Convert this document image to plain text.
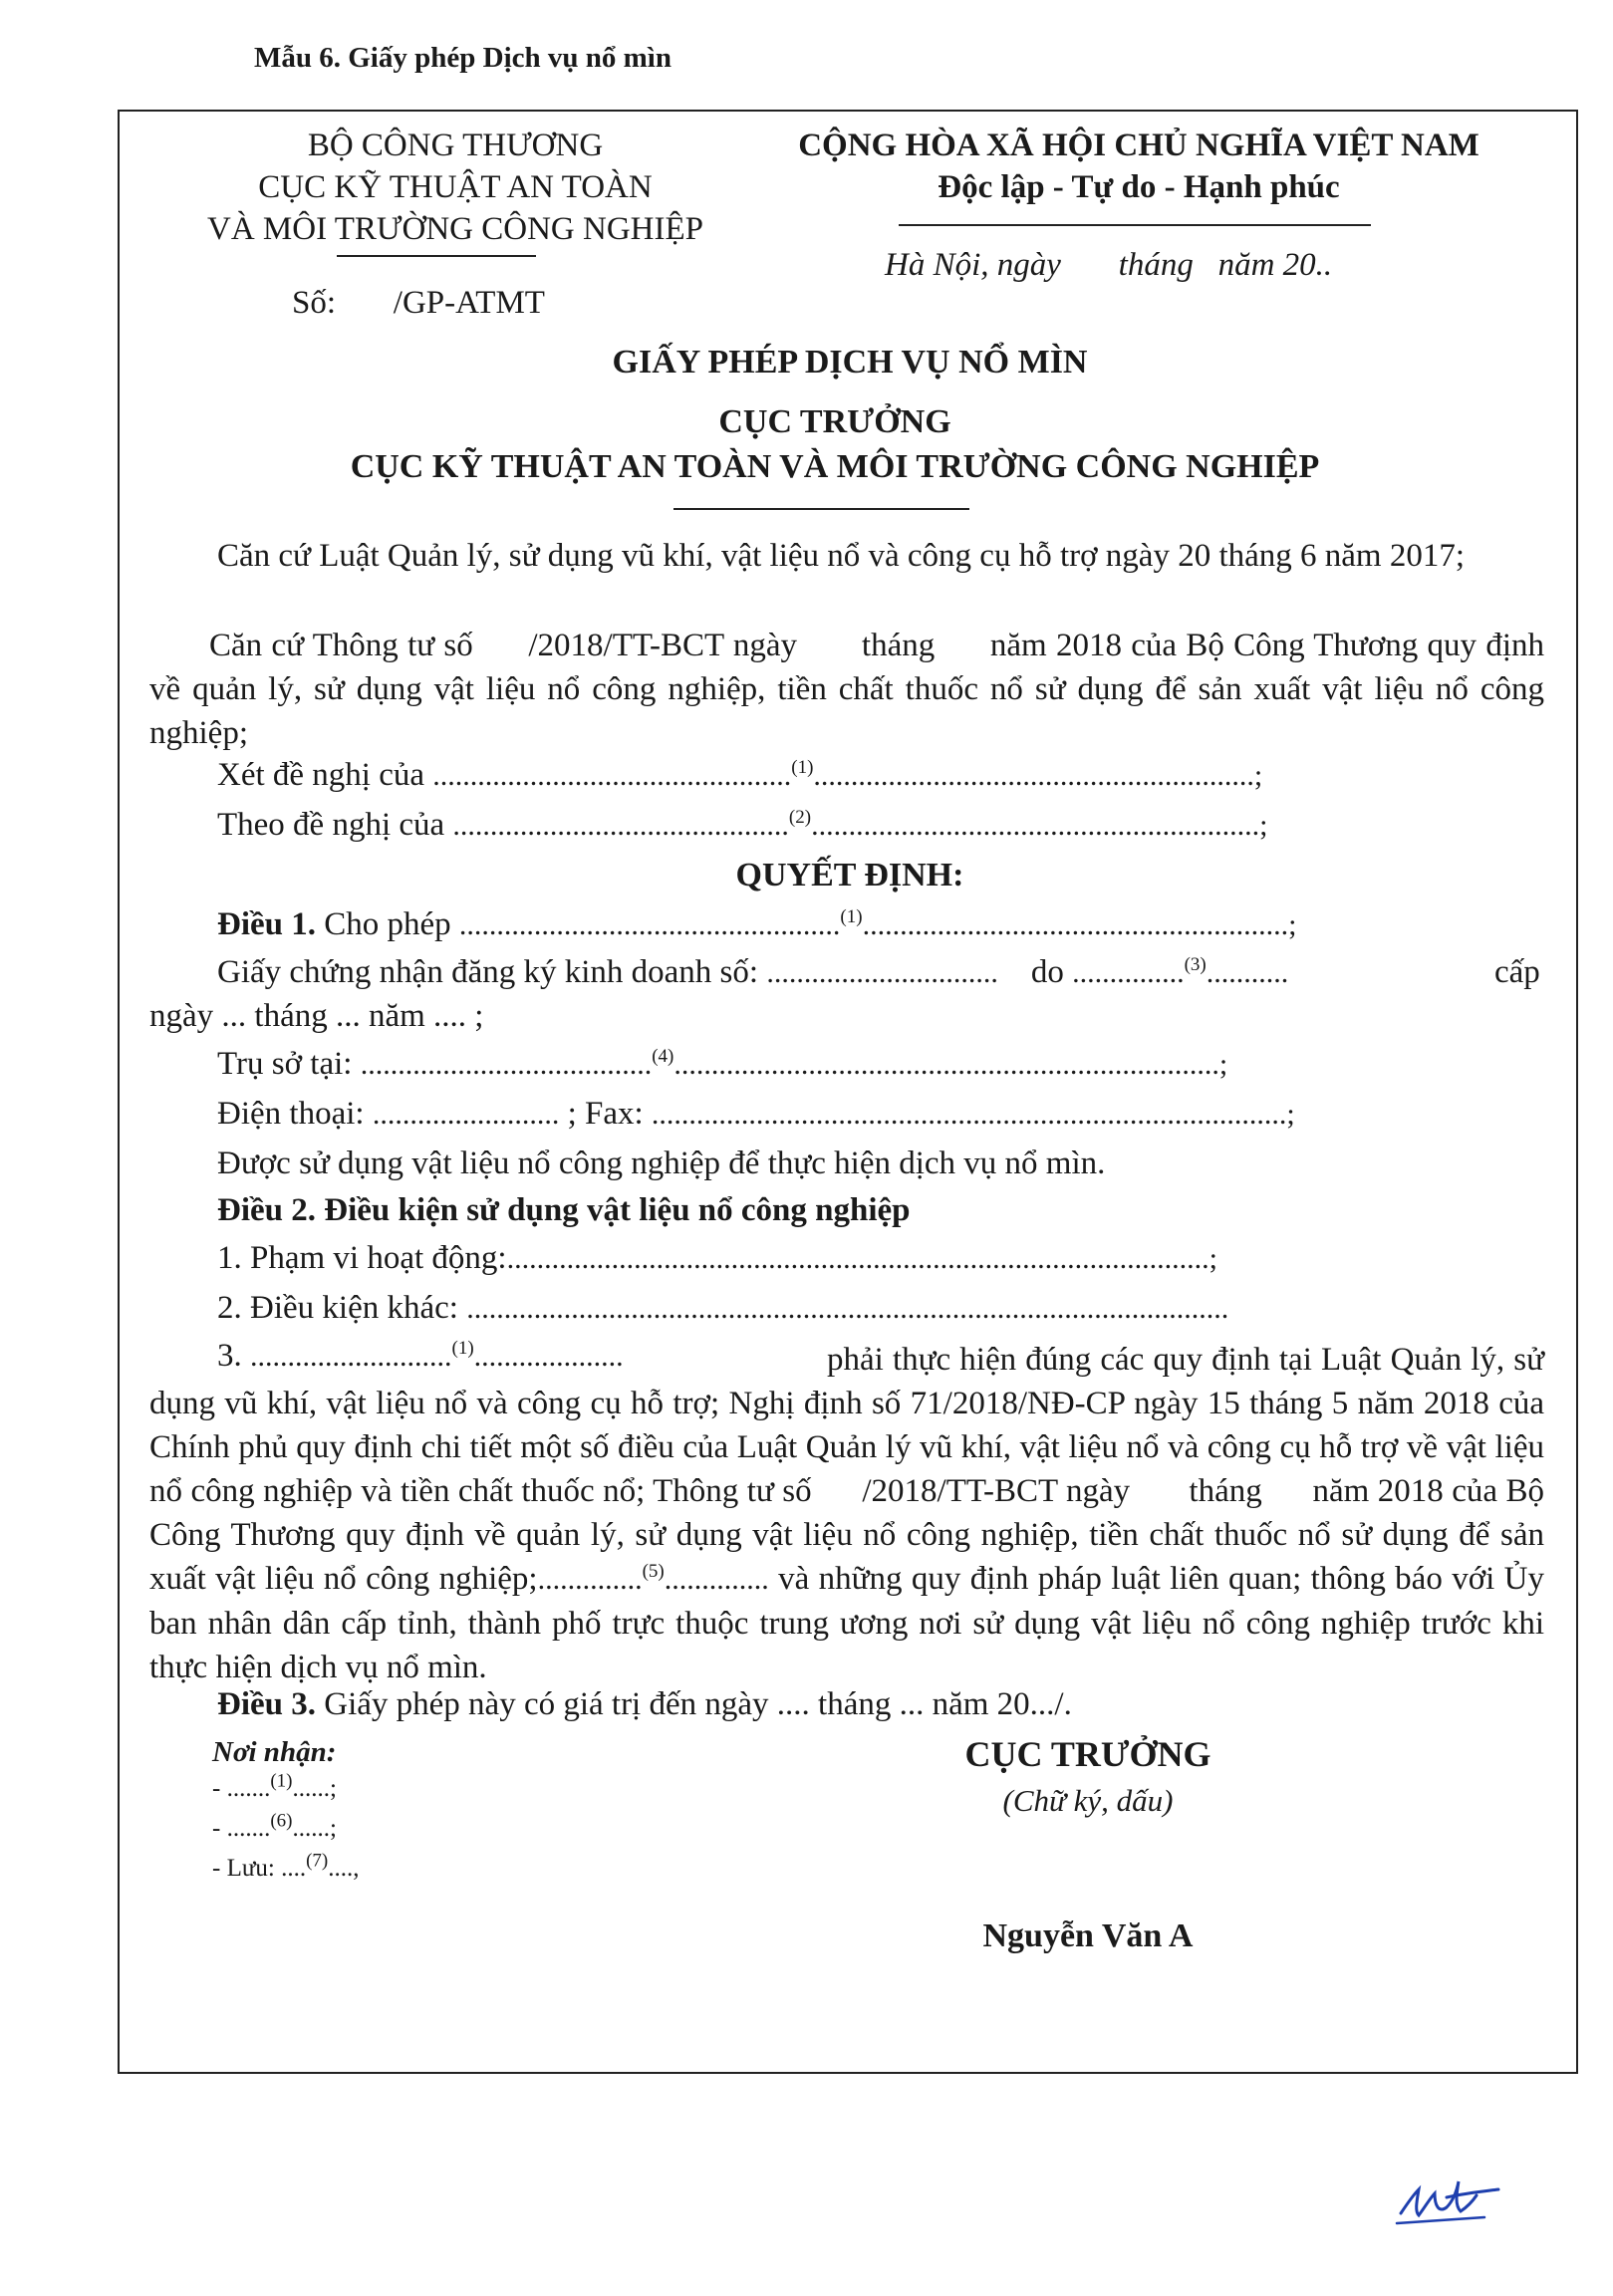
Mẫu 6. Giấy phép Dịch vụ nổ mìn
BỘ CÔNG THƯƠNG
CỤC KỸ THUẬT AN TOÀN
VÀ MÔI TRƯỜNG CÔNG NGHIỆP
Số:       /GP-ATMT
CỘNG HÒA XÃ HỘI CHỦ NGHĨA VIỆT NAM
Độc lập - Tự do - Hạnh phúc
Hà Nội, ngày       tháng   năm 20..
GIẤY PHÉP DỊCH VỤ NỔ MÌN
CỤC TRƯỞNG
CỤC KỸ THUẬT AN TOÀN VÀ MÔI TRƯỜNG CÔNG NGHIỆP
Căn cứ Luật Quản lý, sử dụng vũ khí, vật liệu nổ và công cụ hỗ trợ ngày 20 tháng 6 năm 2017;
Căn cứ Thông tư số      /2018/TT-BCT ngày       tháng      năm 2018 của Bộ Công Thương quy định về quản lý, sử dụng vật liệu nổ công nghiệp, tiền chất thuốc nổ sử dụng để sản xuất vật liệu nổ công nghiệp;
Xét đề nghị của ................................................$^{(1)}$...........................................................;
Theo đề nghị của .............................................$^{(2)}$............................................................;
QUYẾT ĐỊNH:
Điều 1. Cho phép ...................................................$^{(1)}$.........................................................;
Giấy chứng nhận đăng ký kinh doanh số: ............................... do ...............$^{(3)}$...........	cấp
ngày ... tháng ... năm .... ;
Trụ sở tại: .......................................$^{(4)}$.........................................................................;
Điện thoại: ......................... ; Fax: .....................................................................................;
Được sử dụng vật liệu nổ công nghiệp để thực hiện dịch vụ nổ mìn.
Điều 2. Điều kiện sử dụng vật liệu nổ công nghiệp
1. Phạm vi hoạt động:..............................................................................................;
2. Điều kiện khác: ......................................................................................................
3. ...........................$^{(1)}$....................	phải thực hiện đúng các quy định tại Luật Quản lý, sử dụng vũ khí, vật liệu nổ và công cụ hỗ trợ; Nghị định số 71/2018/NĐ-CP ngày 15 tháng 5 năm 2018 của Chính phủ quy định chi tiết một số điều của Luật Quản lý vũ khí, vật liệu nổ và công cụ hỗ trợ về vật liệu nổ công nghiệp và tiền chất thuốc nổ; Thông tư số      /2018/TT-BCT ngày       tháng      năm 2018 của Bộ Công Thương quy định về quản lý, sử dụng vật liệu nổ công nghiệp, tiền chất thuốc nổ sử dụng để sản xuất vật liệu nổ công nghiệp;..............$^{(5)}$.............. và những quy định pháp luật liên quan; thông báo với Ủy ban nhân dân cấp tỉnh, thành phố trực thuộc trung ương nơi sử dụng vật liệu nổ công nghiệp trước khi thực hiện dịch vụ nổ mìn.
Điều 3. Giấy phép này có giá trị đến ngày .... tháng ... năm 20.../.
Nơi nhận:
- .......$^{(1)}$......;
- .......$^{(6)}$......;
- Lưu: ....$^{(7)}$....,
CỤC TRƯỞNG
(Chữ ký, dấu)
Nguyễn Văn A
